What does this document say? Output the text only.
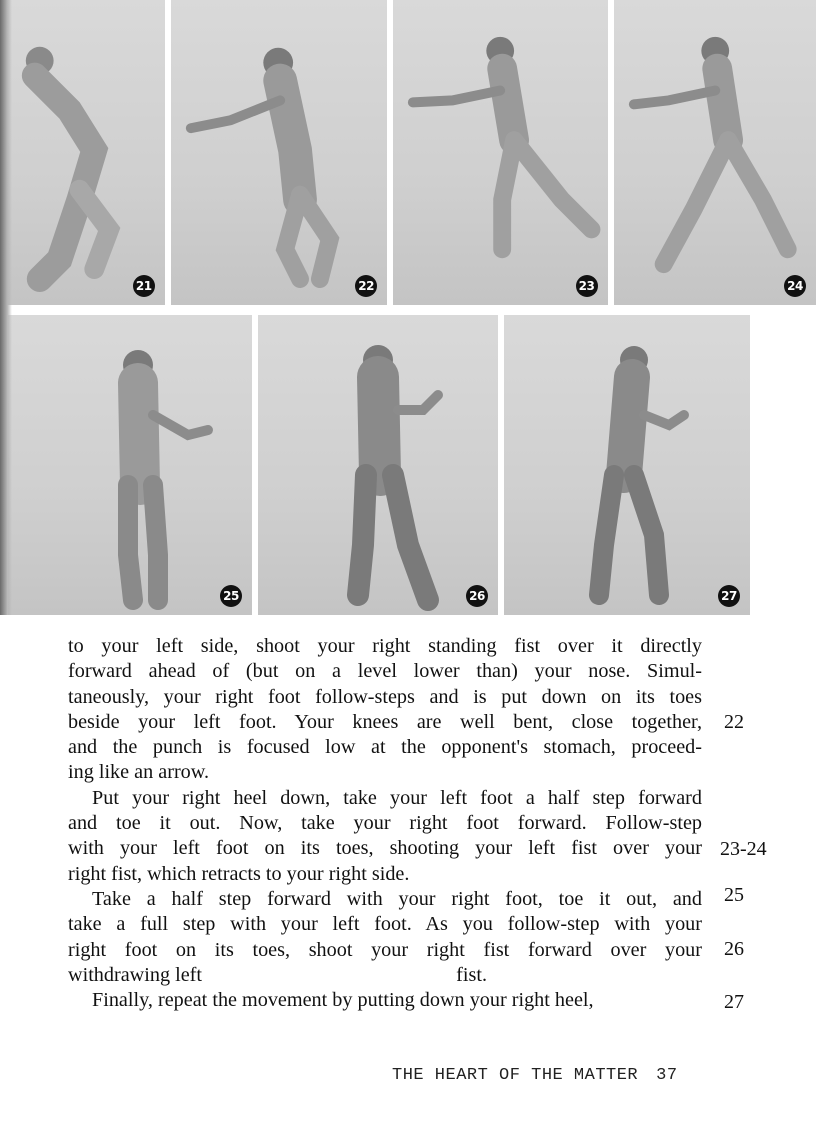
21	22	23	24
25	26	27
to your left side, shoot your right standing fist over it directly
forward ahead of (but on a level lower than) your nose. Simul-
taneously, your right foot follow-steps and is put down on its toes
beside your left foot. Your knees are well bent, close together,
and the punch is focused low at the opponent's stomach, proceed-
ing like an arrow.
Put your right heel down, take your left foot a half step forward
and toe it out. Now, take your right foot forward. Follow-step
with your left foot on its toes, shooting your left fist over your
right fist, which retracts to your right side.
Take a half step forward with your right foot, toe it out, and
take a full step with your left foot. As you follow-step with your
right foot on its toes, shoot your right fist forward over your
withdrawing left	fist.
Finally, repeat the movement by putting down your right heel,
22
23-24
25
26
27
THE HEART OF THE MATTER 37
